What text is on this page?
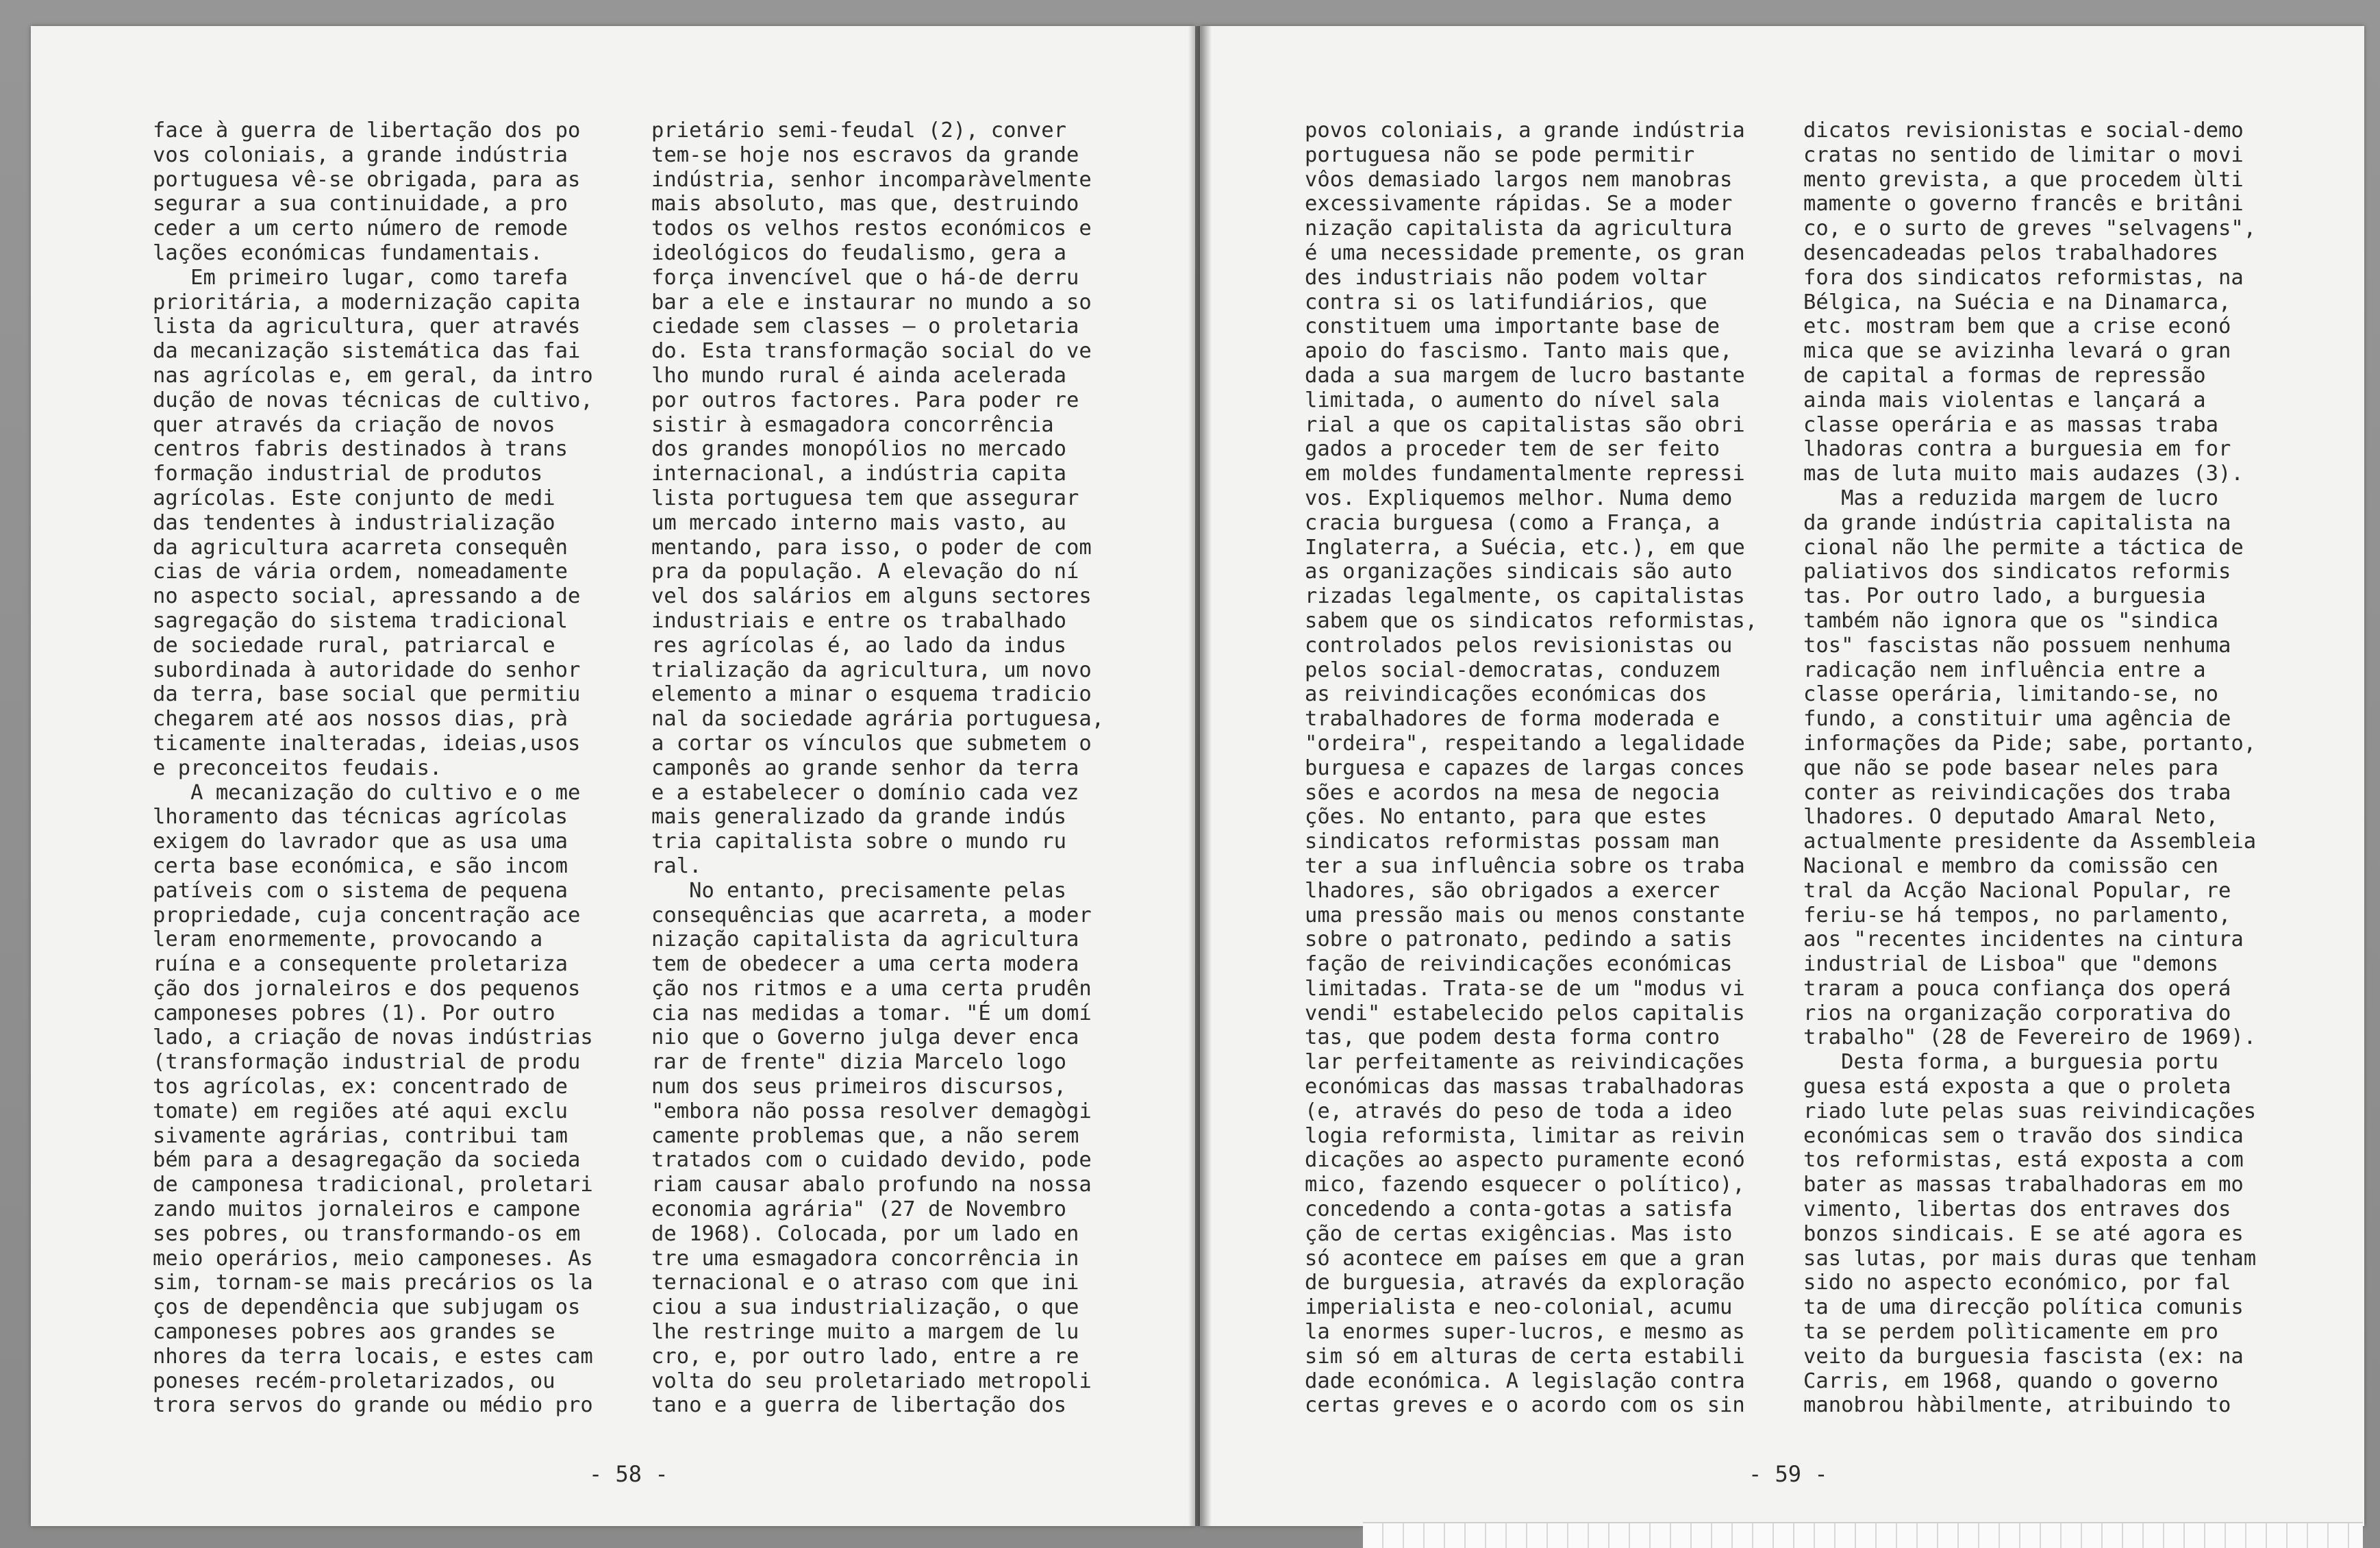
face à guerra de libertação dos po
vos coloniais, a grande indústria
portuguesa vê-se obrigada, para as
segurar a sua continuidade, a pro
ceder a um certo número de remode
lações económicas fundamentais.
Em primeiro lugar, como tarefa
prioritária, a modernização capita
lista da agricultura, quer através
da mecanização sistemática das fai
nas agrícolas e, em geral, da intro
dução de novas técnicas de cultivo,
quer através da criação de novos
centros fabris destinados à trans
formação industrial de produtos
agrícolas. Este conjunto de medi
das tendentes à industrialização
da agricultura acarreta consequên
cias de vária ordem, nomeadamente
no aspecto social, apressando a de
sagregação do sistema tradicional
de sociedade rural, patriarcal e
subordinada à autoridade do senhor
da terra, base social que permitiu
chegarem até aos nossos dias, prà
ticamente inalteradas, ideias,usos
e preconceitos feudais.
A mecanização do cultivo e o me
lhoramento das técnicas agrícolas
exigem do lavrador que as usa uma
certa base económica, e são incom
patíveis com o sistema de pequena
propriedade, cuja concentração ace
leram enormemente, provocando a
ruína e a consequente proletariza
ção dos jornaleiros e dos pequenos
camponeses pobres (1). Por outro
lado, a criação de novas indústrias
(transformação industrial de produ
tos agrícolas, ex: concentrado de
tomate) em regiões até aqui exclu
sivamente agrárias, contribui tam
bém para a desagregação da socieda
de camponesa tradicional, proletari
zando muitos jornaleiros e campone
ses pobres, ou transformando-os em
meio operários, meio camponeses. As
sim, tornam-se mais precários os la
ços de dependência que subjugam os
camponeses pobres aos grandes se
nhores da terra locais, e estes cam
poneses recém-proletarizados, ou
trora servos do grande ou médio pro
prietário semi-feudal (2), conver
tem-se hoje nos escravos da grande
indústria, senhor incomparàvelmente
mais absoluto, mas que, destruindo
todos os velhos restos económicos e
ideológicos do feudalismo, gera a
força invencível que o há-de derru
bar a ele e instaurar no mundo a so
ciedade sem classes — o proletaria
do. Esta transformação social do ve
lho mundo rural é ainda acelerada
por outros factores. Para poder re
sistir à esmagadora concorrência
dos grandes monopólios no mercado
internacional, a indústria capita
lista portuguesa tem que assegurar
um mercado interno mais vasto, au
mentando, para isso, o poder de com
pra da população. A elevação do ní
vel dos salários em alguns sectores
industriais e entre os trabalhado
res agrícolas é, ao lado da indus
trialização da agricultura, um novo
elemento a minar o esquema tradicio
nal da sociedade agrária portuguesa,
a cortar os vínculos que submetem o
camponês ao grande senhor da terra
e a estabelecer o domínio cada vez
mais generalizado da grande indús
tria capitalista sobre o mundo ru
ral.
No entanto, precisamente pelas
consequências que acarreta, a moder
nização capitalista da agricultura
tem de obedecer a uma certa modera
ção nos ritmos e a uma certa prudên
cia nas medidas a tomar. "É um domí
nio que o Governo julga dever enca
rar de frente" dizia Marcelo logo
num dos seus primeiros discursos,
"embora não possa resolver demagògi
camente problemas que, a não serem
tratados com o cuidado devido, pode
riam causar abalo profundo na nossa
economia agrária" (27 de Novembro
de 1968). Colocada, por um lado en
tre uma esmagadora concorrência in
ternacional e o atraso com que ini
ciou a sua industrialização, o que
lhe restringe muito a margem de lu
cro, e, por outro lado, entre a re
volta do seu proletariado metropoli
tano e a guerra de libertação dos
- 58 -
povos coloniais, a grande indústria
portuguesa não se pode permitir
vôos demasiado largos nem manobras
excessivamente rápidas. Se a moder
nização capitalista da agricultura
é uma necessidade premente, os gran
des industriais não podem voltar
contra si os latifundiários, que
constituem uma importante base de
apoio do fascismo. Tanto mais que,
dada a sua margem de lucro bastante
limitada, o aumento do nível sala
rial a que os capitalistas são obri
gados a proceder tem de ser feito
em moldes fundamentalmente repressi
vos. Expliquemos melhor. Numa demo
cracia burguesa (como a França, a
Inglaterra, a Suécia, etc.), em que
as organizações sindicais são auto
rizadas legalmente, os capitalistas
sabem que os sindicatos reformistas,
controlados pelos revisionistas ou
pelos social-democratas, conduzem
as reivindicações económicas dos
trabalhadores de forma moderada e
"ordeira", respeitando a legalidade
burguesa e capazes de largas conces
sões e acordos na mesa de negocia
ções. No entanto, para que estes
sindicatos reformistas possam man
ter a sua influência sobre os traba
lhadores, são obrigados a exercer
uma pressão mais ou menos constante
sobre o patronato, pedindo a satis
fação de reivindicações económicas
limitadas. Trata-se de um "modus vi
vendi" estabelecido pelos capitalis
tas, que podem desta forma contro
lar perfeitamente as reivindicações
económicas das massas trabalhadoras
(e, através do peso de toda a ideo
logia reformista, limitar as reivin
dicações ao aspecto puramente econó
mico, fazendo esquecer o político),
concedendo a conta-gotas a satisfa
ção de certas exigências. Mas isto
só acontece em países em que a gran
de burguesia, através da exploração
imperialista e neo-colonial, acumu
la enormes super-lucros, e mesmo as
sim só em alturas de certa estabili
dade económica. A legislação contra
certas greves e o acordo com os sin
dicatos revisionistas e social-demo
cratas no sentido de limitar o movi
mento grevista, a que procedem ùlti
mamente o governo francês e britâni
co, e o surto de greves "selvagens",
desencadeadas pelos trabalhadores
fora dos sindicatos reformistas, na
Bélgica, na Suécia e na Dinamarca,
etc. mostram bem que a crise econó
mica que se avizinha levará o gran
de capital a formas de repressão
ainda mais violentas e lançará a
classe operária e as massas traba
lhadoras contra a burguesia em for
mas de luta muito mais audazes (3).
Mas a reduzida margem de lucro
da grande indústria capitalista na
cional não lhe permite a táctica de
paliativos dos sindicatos reformis
tas. Por outro lado, a burguesia
também não ignora que os "sindica
tos" fascistas não possuem nenhuma
radicação nem influência entre a
classe operária, limitando-se, no
fundo, a constituir uma agência de
informações da Pide; sabe, portanto,
que não se pode basear neles para
conter as reivindicações dos traba
lhadores. O deputado Amaral Neto,
actualmente presidente da Assembleia
Nacional e membro da comissão cen
tral da Acção Nacional Popular, re
feriu-se há tempos, no parlamento,
aos "recentes incidentes na cintura
industrial de Lisboa" que "demons
traram a pouca confiança dos operá
rios na organização corporativa do
trabalho" (28 de Fevereiro de 1969).
Desta forma, a burguesia portu
guesa está exposta a que o proleta
riado lute pelas suas reivindicações
económicas sem o travão dos sindica
tos reformistas, está exposta a com
bater as massas trabalhadoras em mo
vimento, libertas dos entraves dos
bonzos sindicais. E se até agora es
sas lutas, por mais duras que tenham
sido no aspecto económico, por fal
ta de uma direcção política comunis
ta se perdem polìticamente em pro
veito da burguesia fascista (ex: na
Carris, em 1968, quando o governo
manobrou hàbilmente, atribuindo to
- 59 -
